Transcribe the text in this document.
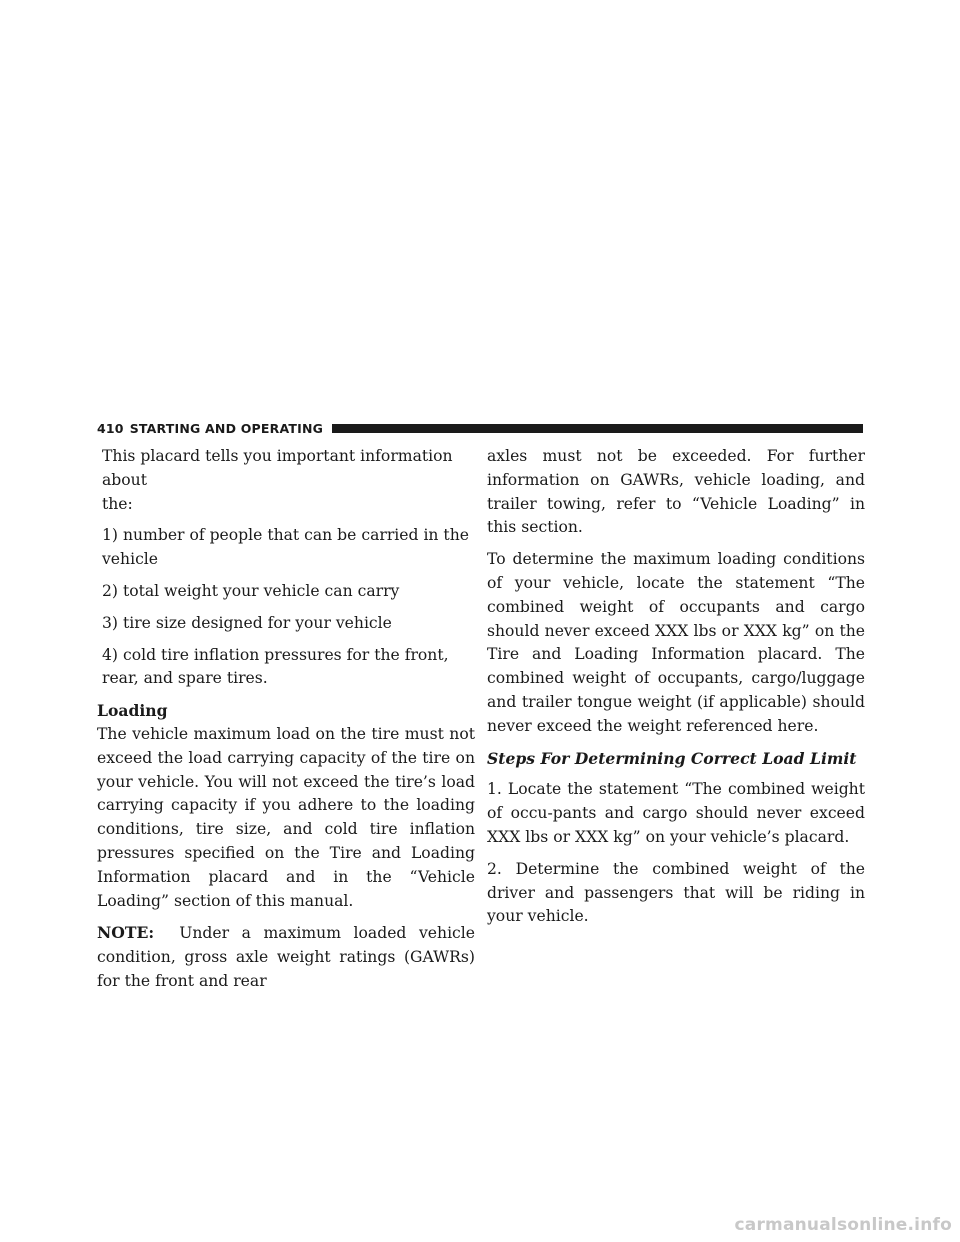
410 STARTING AND OPERATING
This placard tells you important information about
the:
1) number of people that can be carried in the vehicle
2) total weight your vehicle can carry
3) tire size designed for your vehicle
4) cold tire inflation pressures for the front, rear, and spare tires.
Loading
The vehicle maximum load on the tire must not exceed the load carrying capacity of the tire on your vehicle. You will not exceed the tire’s load carrying capacity if you adhere to the loading conditions, tire size, and cold tire inflation pressures specified on the Tire and Loading Information placard and in the “Vehicle Loading” section of this manual.
NOTE: Under a maximum loaded vehicle condition, gross axle weight ratings (GAWRs) for the front and rear
axles must not be exceeded. For further information on GAWRs, vehicle loading, and trailer towing, refer to “Vehicle Loading” in this section.
To determine the maximum loading conditions of your vehicle, locate the statement “The combined weight of occupants and cargo should never exceed XXX lbs or XXX kg” on the Tire and Loading Information placard. The combined weight of occupants, cargo/luggage and trailer tongue weight (if applicable) should never exceed the weight referenced here.
Steps For Determining Correct Load Limit
1. Locate the statement “The combined weight of occu-pants and cargo should never exceed XXX lbs or XXX kg” on your vehicle’s placard.
2. Determine the combined weight of the driver and passengers that will be riding in your vehicle.
carmanualsonline.info
